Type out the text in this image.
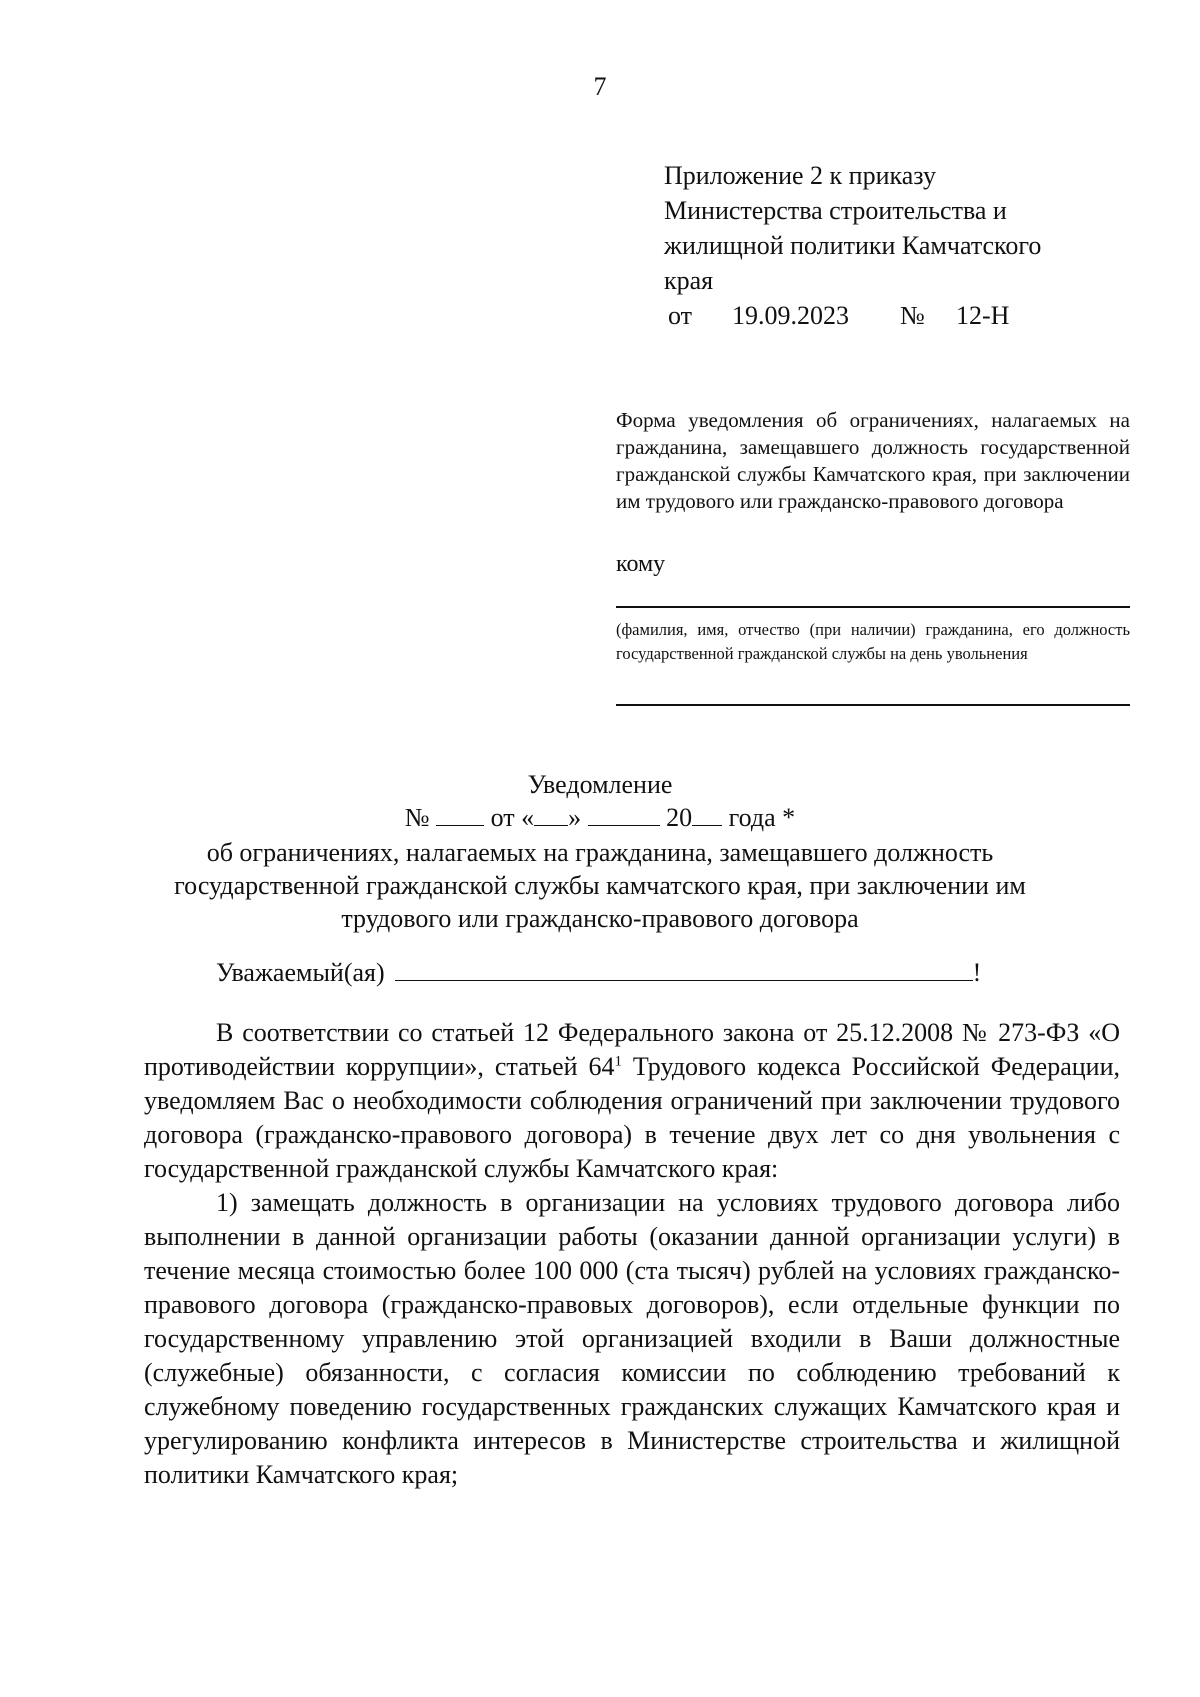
7
Приложение 2 к приказу
Министерства строительства и
жилищной политики Камчатского
края
от 19.09.2023 № 12-Н
Форма уведомления об ограничениях, налагаемых на гражданина, замещавшего должность государственной гражданской службы Камчатского края, при заключении им трудового или гражданско-правового договора
кому
(фамилия, имя, отчество (при наличии) гражданина, его должность государственной гражданской службы на день увольнения
Уведомление
№ от « »	20 года *
об ограничениях, налагаемых на гражданина, замещавшего должность
государственной гражданской службы камчатского края, при заключении им
трудового или гражданско-правового договора
Уважаемый(ая)	!

В соответствии со статьей 12 Федерального закона от 25.12.2008 № 273-ФЗ «О противодействии коррупции», статьей $64^1$ Трудового кодекса Российской Федерации, уведомляем Вас о необходимости соблюдения ограничений при заключении трудового договора (гражданско-правового договора) в течение двух лет со дня увольнения с государственной гражданской службы Камчатского края:

1) замещать должность в организации на условиях трудового договора либо выполнении в данной организации работы (оказании данной организации услуги) в течение месяца стоимостью более 100 000 (ста тысяч) рублей на условиях гражданско-правового договора (гражданско-правовых договоров), если отдельные функции по государственному управлению этой организацией входили в Ваши должностные (служебные) обязанности, с согласия комиссии по соблюдению требований к служебному поведению государственных гражданских служащих Камчатского края и урегулированию конфликта интересов в Министерстве строительства и жилищной политики Камчатского края;
